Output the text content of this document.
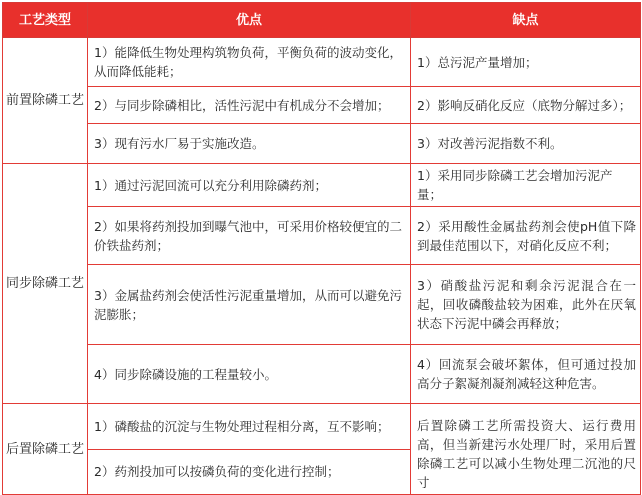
工艺类型	优点	缺点
前置除磷工艺	1）能降低生物处理构筑物负荷，平衡负荷的波动变化，从而降低能耗；	1）总污泥产量增加；
	2）与同步除磷相比，活性污泥中有机成分不会增加；	2）影响反硝化反应（底物分解过多）；
	3）现有污水厂易于实施改造。	3）对改善污泥指数不利。
同步除磷工艺	1）通过污泥回流可以充分利用除磷药剂；	1）采用同步除磷工艺会增加污泥产量；
	2）如果将药剂投加到曝气池中，可采用价格较便宜的二价铁盐药剂；	2）采用酸性金属盐药剂会使pH值下降到最佳范围以下，对硝化反应不利；
	3）金属盐药剂会使活性污泥重量增加，从而可以避免污泥膨胀；	3）硝酸盐污泥和剩余污泥混合在一起，回收磷酸盐较为困难，此外在厌氧状态下污泥中磷会再释放；
	4）同步除磷设施的工程量较小。	4）回流泵会破坏絮体，但可通过投加高分子絮凝剂凝剂减轻这种危害。
后置除磷工艺	1）磷酸盐的沉淀与生物处理过程相分离，互不影响；	后置除磷工艺所需投资大、运行费用高，但当新建污水处理厂时，采用后置除磷工艺可以减小生物处理二沉池的尺寸
	2）药剂投加可以按磷负荷的变化进行控制；	
